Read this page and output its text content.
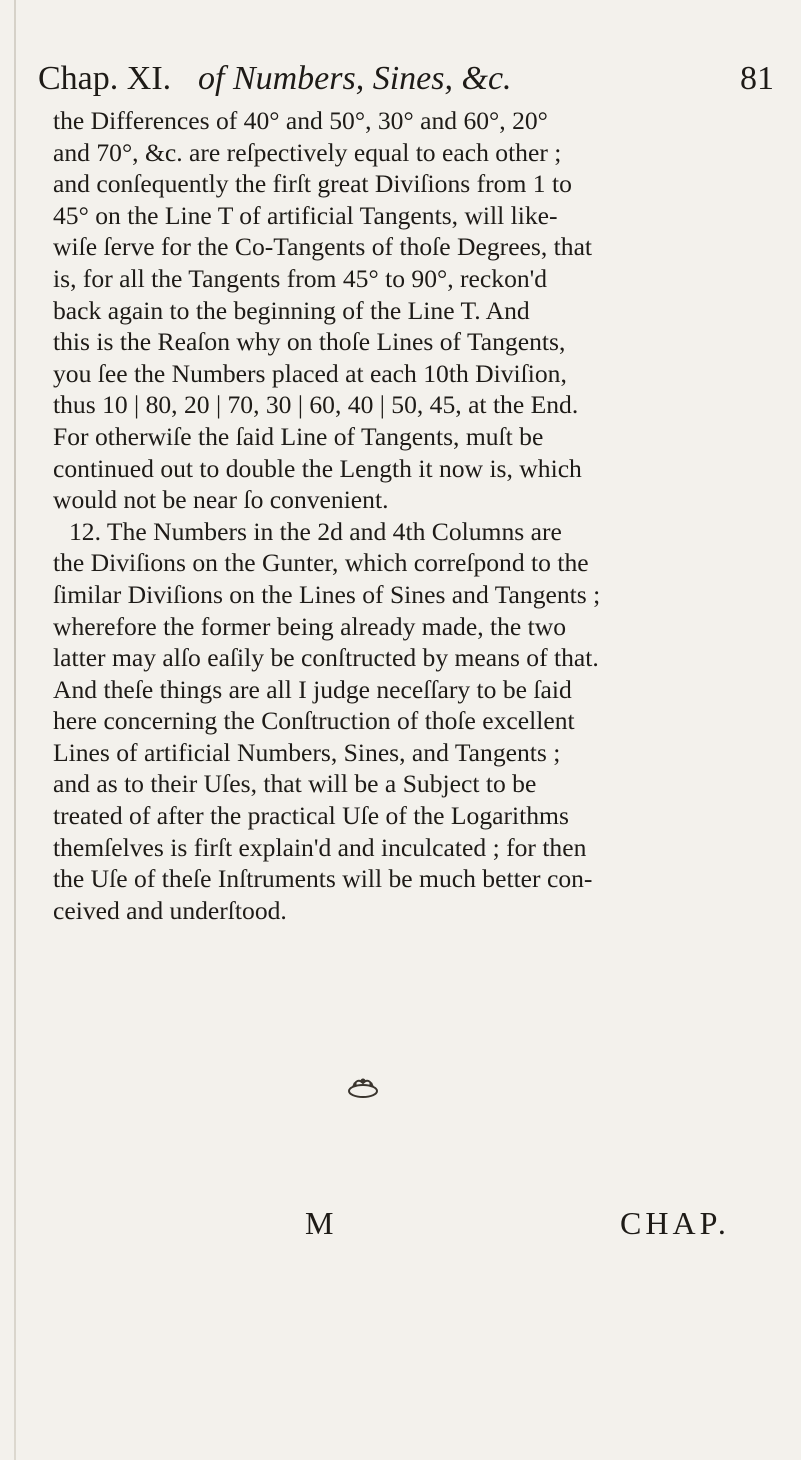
Chap. XI. of Numbers, Sines, &c.	81
the Differences of 40° and 50°, 30° and 60°, 20°
and 70°, &c. are reſpectively equal to each other ;
and conſequently the firſt great Diviſions from 1 to
45° on the Line T of artificial Tangents, will like-
wiſe ſerve for the Co-Tangents of thoſe Degrees, that
is, for all the Tangents from 45° to 90°, reckon'd
back again to the beginning of the Line T. And
this is the Reaſon why on thoſe Lines of Tangents,
you ſee the Numbers placed at each 10th Diviſion,
thus 10 | 80, 20 | 70, 30 | 60, 40 | 50, 45, at the End.
For otherwiſe the ſaid Line of Tangents, muſt be
continued out to double the Length it now is, which
would not be near ſo convenient.
12. The Numbers in the 2d and 4th Columns are
the Diviſions on the Gunter, which correſpond to the
ſimilar Diviſions on the Lines of Sines and Tangents ;
wherefore the former being already made, the two
latter may alſo eaſily be conſtructed by means of that.
And theſe things are all I judge neceſſary to be ſaid
here concerning the Conſtruction of thoſe excellent
Lines of artificial Numbers, Sines, and Tangents ;
and as to their Uſes, that will be a Subject to be
treated of after the practical Uſe of the Logarithms
themſelves is firſt explain'd and inculcated ; for then
the Uſe of theſe Inſtruments will be much better con-
ceived and underſtood.
M	CHAP.
